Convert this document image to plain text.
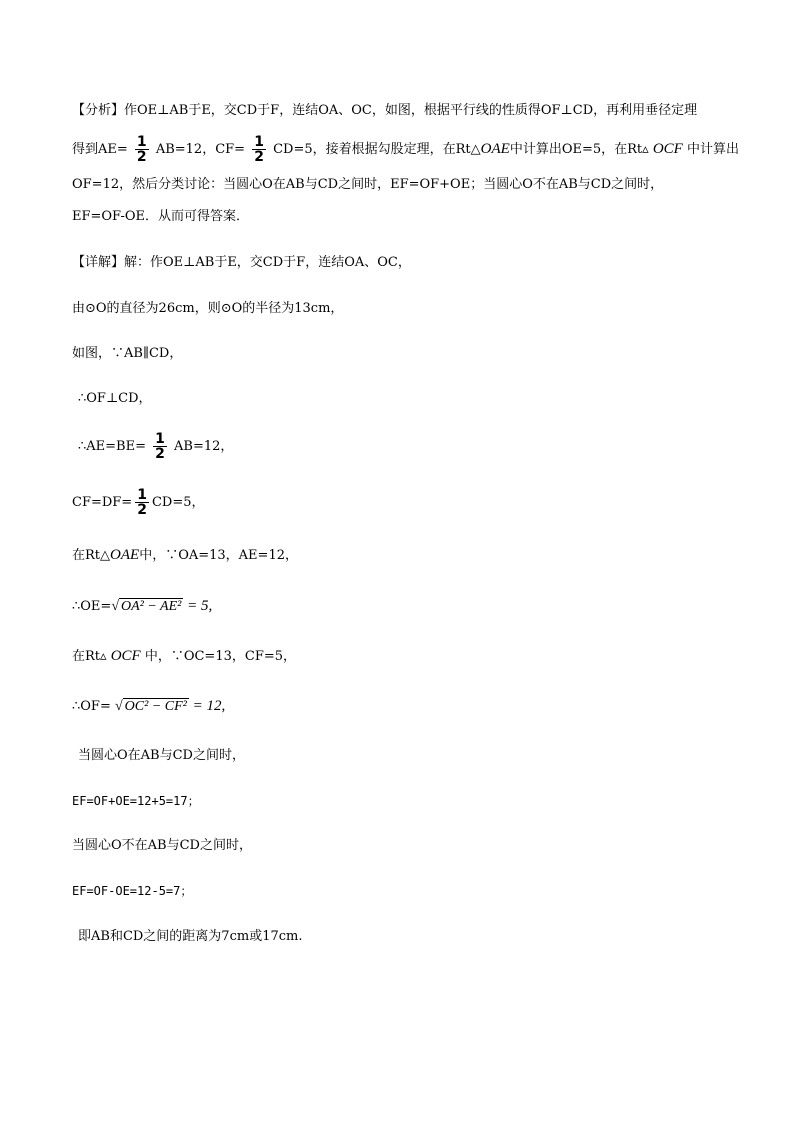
【分析】作OE⊥AB于E，交CD于F，连结OA、OC，如图，根据平行线的性质得OF⊥CD，再利用垂径定理
得到$AE= \frac{1}{2} AB=12$，$CF= \frac{1}{2} CD=5$，接着根据勾股定理，在Rt△OAE中计算出OE=5，在Rt▵ OCF 中计算出
OF=12，然后分类讨论：当圆心O在AB与CD之间时，EF=OF+OE；当圆心O不在AB与CD之间时，
EF=OF-OE．从而可得答案．
【详解】解：作OE⊥AB于E，交CD于F，连结OA、OC，
由⊙O的直径为26cm，则⊙O的半径为13cm，
如图，∵AB∥CD，
∴OF⊥CD，
∴AE=BE= $\frac{1}{2} AB=12$，
$CF=DF= \frac{1}{2} CD=5$，
在Rt△OAE中，∵OA=13，AE=12，
∴OE=√ OA² − AE² = 5,
在Rt▵ OCF 中，∵OC=13，CF=5，
∴OF= √ OC² − CF² = 12,
当圆心O在AB与CD之间时，
EF=OF+OE=12+5=17；
当圆心O不在AB与CD之间时，
EF=OF-OE=12-5=7；
即AB和CD之间的距离为7cm或17cm.
